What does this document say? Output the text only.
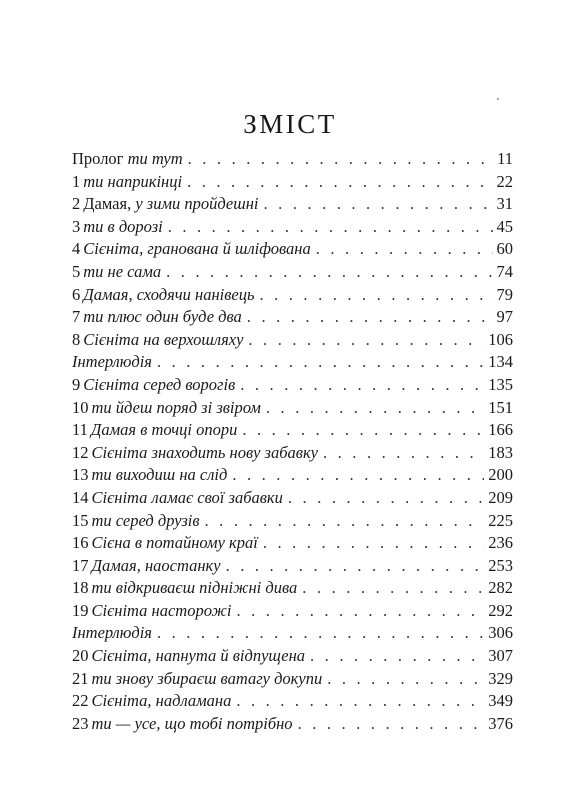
ЗМІСТ
Пролог ти тут . . .	11
1 ти наприкінці . . .	22
2 Дамая, у зими пройдешні . . .	31
3 ти в дорозі . . .	45
4 Сієніта, гранована й шліфована . . .	60
5 ти не сама . . .	74
6 Дамая, сходячи нанівець . . .	79
7 ти плюс один буде два . . .	97
8 Сієніта на верхошляху . . .	106
Інтерлюдія . . .	134
9 Сієніта серед ворогів . . .	135
10 ти йдеш поряд зі звіром . . .	151
11 Дамая в точці опори . . .	166
12 Сієніта знаходить нову забавку . . .	183
13 ти виходиш на слід . . .	200
14 Сієніта ламає свої забавки . . .	209
15 ти серед друзів . . .	225
16 Сієна в потайному краї . . .	236
17 Дамая, наостанку . . .	253
18 ти відкриваєш підніжні дива . . .	282
19 Сієніта насторожі . . .	292
Інтерлюдія . . .	306
20 Сієніта, напнута й відпущена . . .	307
21 ти знову збираєш ватагу докупи . . .	329
22 Сієніта, надламана . . .	349
23 ти — усе, що тобі потрібно . . .	376
